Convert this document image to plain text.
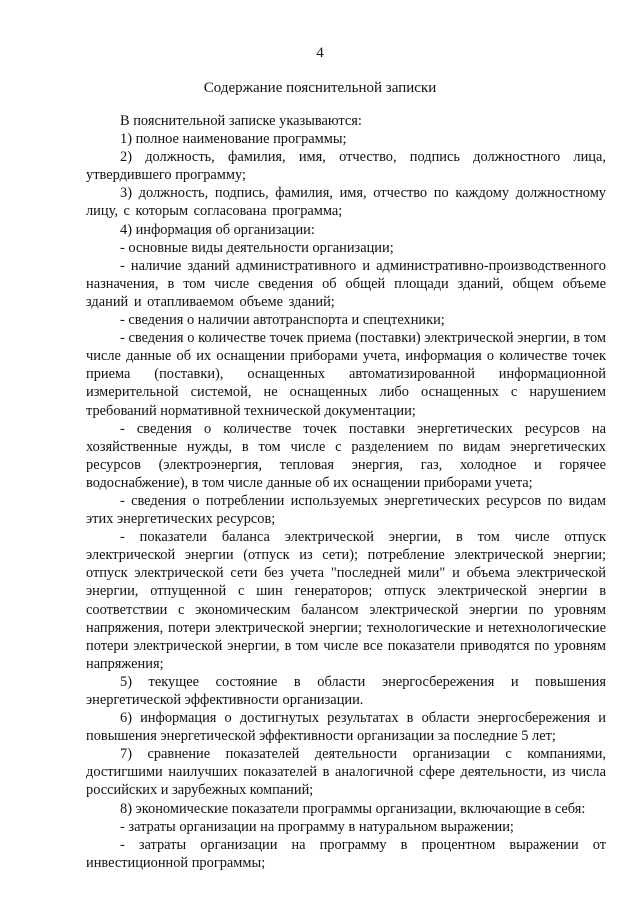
4
Содержание пояснительной записки

В пояснительной записке указываются:

1) полное наименование программы;

2) должность, фамилия, имя, отчество, подпись должностного лица, утвердившего программу;

3) должность, подпись, фамилия, имя, отчество по каждому должностному лицу, с которым согласована программа;

4) информация об организации:

- основные виды деятельности организации;

- наличие зданий административного и административно-производственного назначения, в том числе сведения об общей площади зданий, общем объеме зданий и отапливаемом объеме зданий;

- сведения о наличии автотранспорта и спецтехники;

- сведения о количестве точек приема (поставки) электрической энергии, в том числе данные об их оснащении приборами учета, информация о количестве точек приема (поставки), оснащенных автоматизированной информационной измерительной системой, не оснащенных либо оснащенных с нарушением требований нормативной технической документации;

- сведения о количестве точек поставки энергетических ресурсов на хозяйственные нужды, в том числе с разделением по видам энергетических ресурсов (электроэнергия, тепловая энергия, газ, холодное и горячее водоснабжение), в том числе данные об их оснащении приборами учета;

- сведения о потреблении используемых энергетических ресурсов по видам этих энергетических ресурсов;

- показатели баланса электрической энергии, в том числе отпуск электрической энергии (отпуск из сети); потребление электрической энергии; отпуск электрической сети без учета "последней мили" и объема электрической энергии, отпущенной с шин генераторов; отпуск электрической энергии в соответствии с экономическим балансом электрической энергии по уровням напряжения, потери электрической энергии; технологические и нетехнологические потери электрической энергии, в том числе все показатели приводятся по уровням напряжения;

5) текущее состояние в области энергосбережения и повышения энергетической эффективности организации.

6) информация о достигнутых результатах в области энергосбережения и повышения энергетической эффективности организации за последние 5 лет;

7) сравнение показателей деятельности организации с компаниями, достигшими наилучших показателей в аналогичной сфере деятельности, из числа российских и зарубежных компаний;

8) экономические показатели программы организации, включающие в себя:

- затраты организации на программу в натуральном выражении;

- затраты организации на программу в процентном выражении от инвестиционной программы;
